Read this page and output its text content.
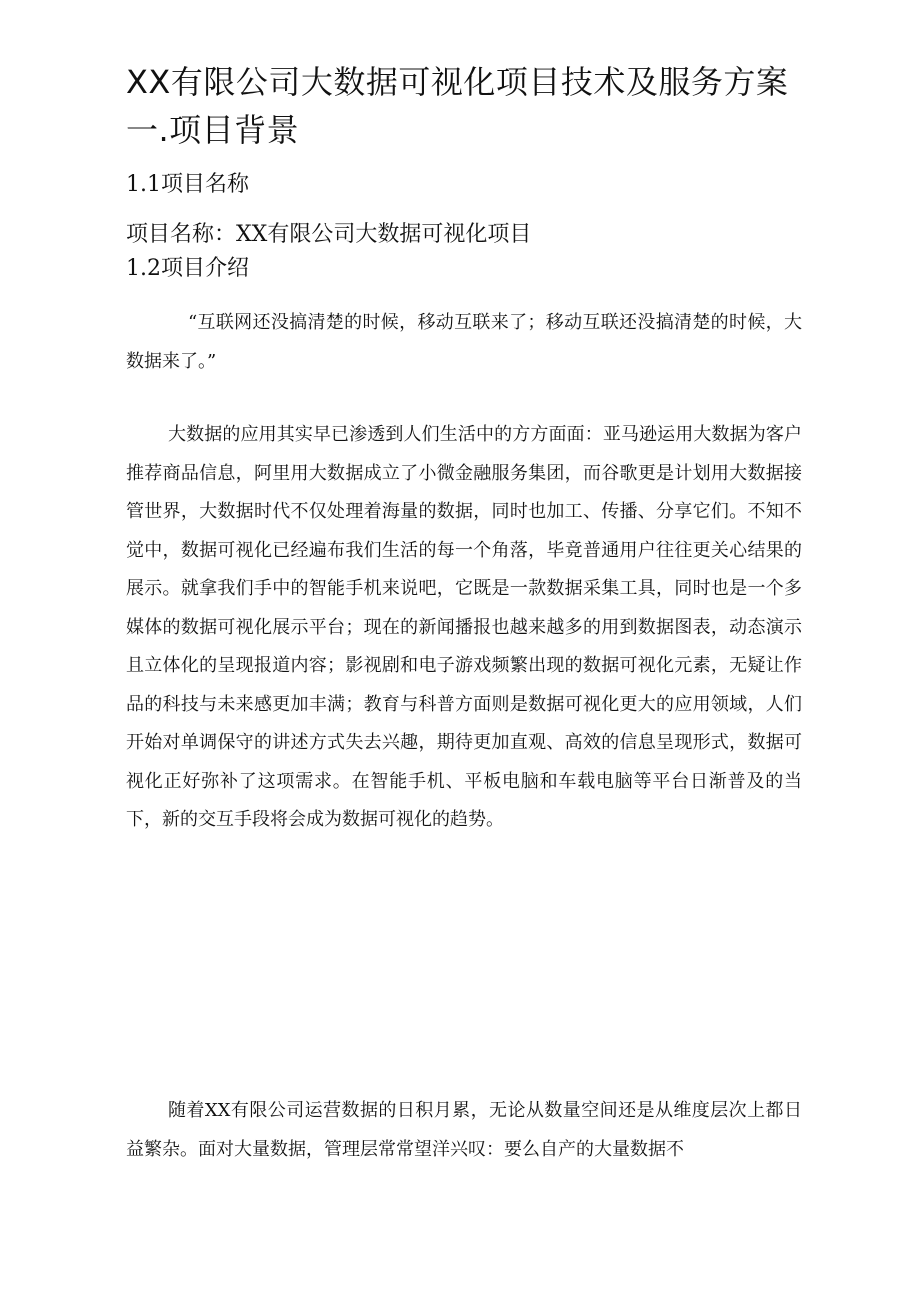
XX有限公司大数据可视化项目技术及服务方案一.项目背景
1.1项目名称

项目名称：XX有限公司大数据可视化项目

1.2项目介绍

“互联网还没搞清楚的时候，移动互联来了；移动互联还没搞清楚的时候，大数据来了。”

大数据的应用其实早已渗透到人们生活中的方方面面：亚马逊运用大数据为客户推荐商品信息，阿里用大数据成立了小微金融服务集团，而谷歌更是计划用大数据接管世界，大数据时代不仅处理着海量的数据，同时也加工、传播、分享它们。不知不觉中，数据可视化已经遍布我们生活的每一个角落，毕竟普通用户往往更关心结果的展示。就拿我们手中的智能手机来说吧，它既是一款数据采集工具，同时也是一个多媒体的数据可视化展示平台；现在的新闻播报也越来越多的用到数据图表，动态演示且立体化的呈现报道内容；影视剧和电子游戏频繁出现的数据可视化元素，无疑让作品的科技与未来感更加丰满；教育与科普方面则是数据可视化更大的应用领域，人们开始对单调保守的讲述方式失去兴趣，期待更加直观、高效的信息呈现形式，数据可视化正好弥补了这项需求。在智能手机、平板电脑和车载电脑等平台日渐普及的当下，新的交互手段将会成为数据可视化的趋势。

随着XX有限公司运营数据的日积月累，无论从数量空间还是从维度层次上都日益繁杂。面对大量数据，管理层常常望洋兴叹：要么自产的大量数据不
